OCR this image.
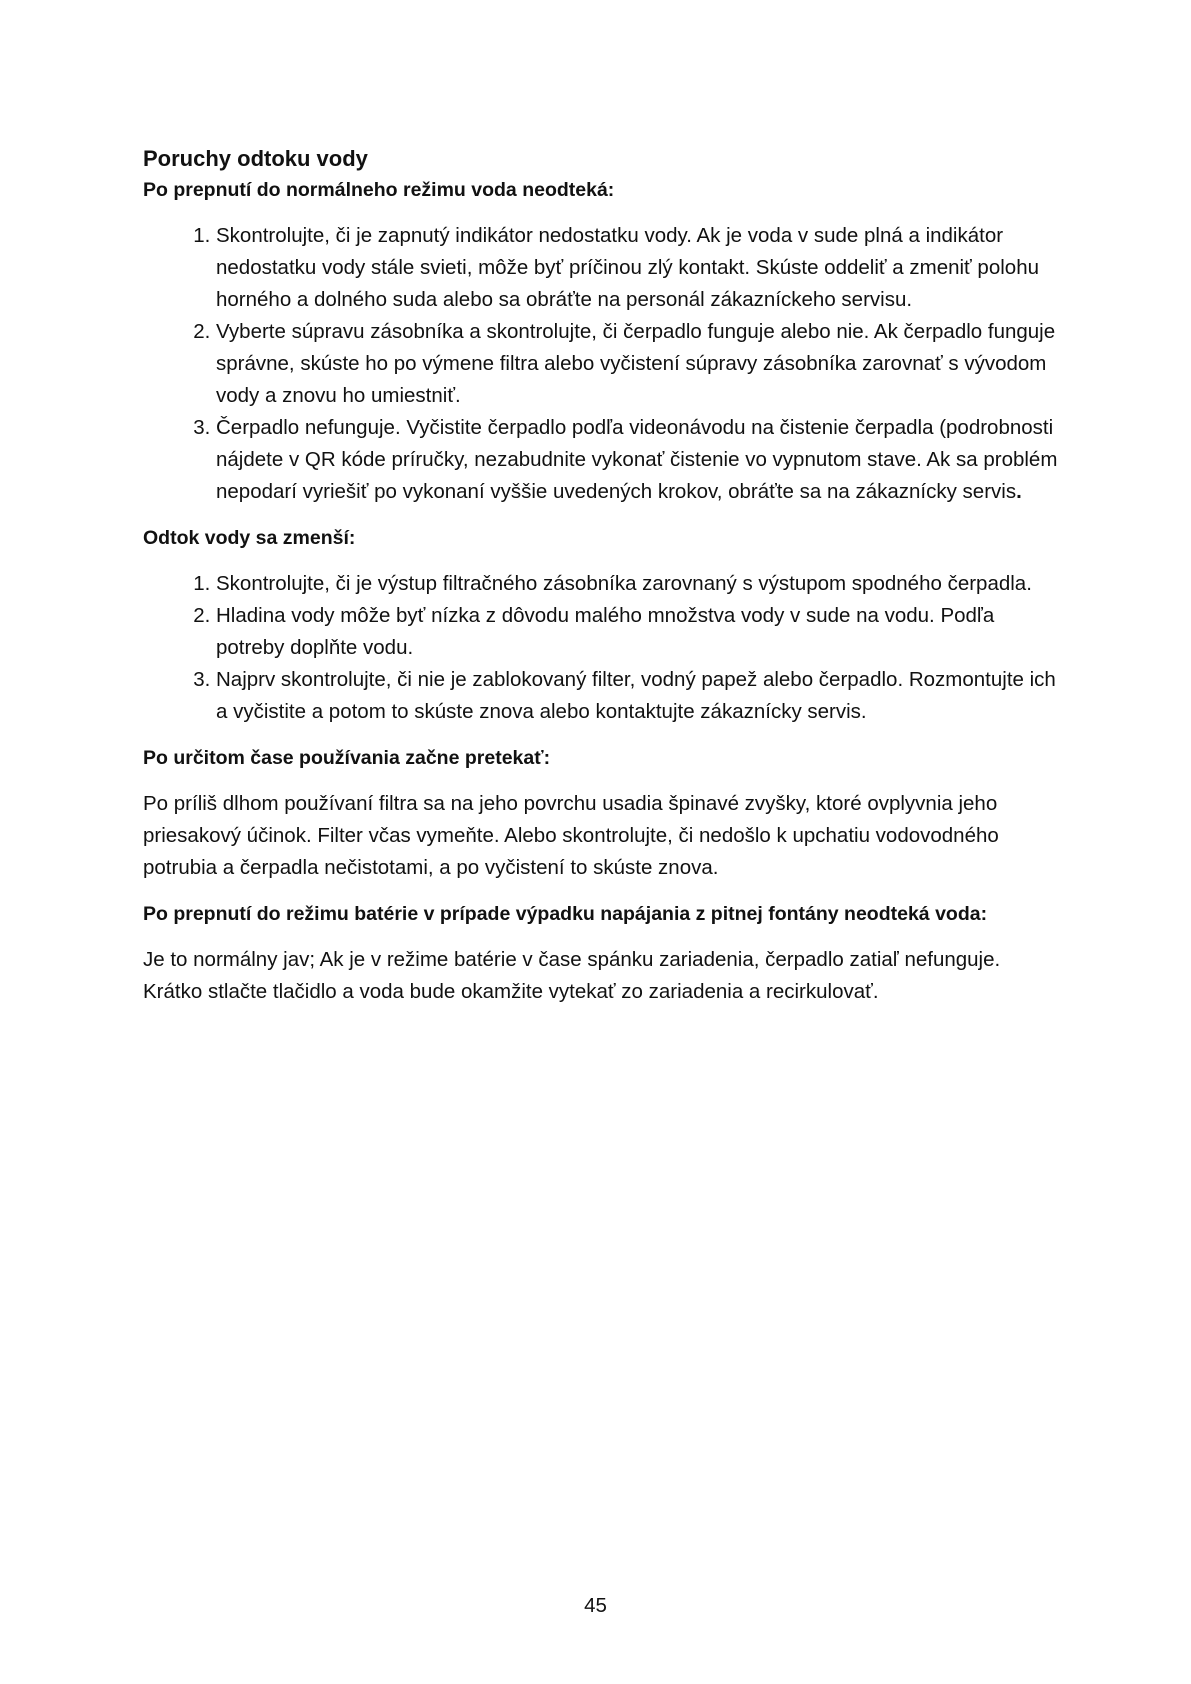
Poruchy odtoku vody
Po prepnutí do normálneho režimu voda neodteká:
1. Skontrolujte, či je zapnutý indikátor nedostatku vody. Ak je voda v sude plná a indikátor nedostatku vody stále svieti, môže byť príčinou zlý kontakt. Skúste oddeliť a zmeniť polohu horného a dolného suda alebo sa obráťte na personál zákazníckeho servisu.
2. Vyberte súpravu zásobníka a skontrolujte, či čerpadlo funguje alebo nie. Ak čerpadlo funguje správne, skúste ho po výmene filtra alebo vyčistení súpravy zásobníka zarovnať s vývodom vody a znovu ho umiestniť.
3. Čerpadlo nefunguje. Vyčistite čerpadlo podľa videonávodu na čistenie čerpadla (podrobnosti nájdete v QR kóde príručky, nezabudnite vykonať čistenie vo vypnutom stave. Ak sa problém nepodarí vyriešiť po vykonaní vyššie uvedených krokov, obráťte sa na zákaznícky servis.
Odtok vody sa zmenší:
1. Skontrolujte, či je výstup filtračného zásobníka zarovnaný s výstupom spodného čerpadla.
2. Hladina vody môže byť nízka z dôvodu malého množstva vody v sude na vodu. Podľa potreby doplňte vodu.
3. Najprv skontrolujte, či nie je zablokovaný filter, vodný papež alebo čerpadlo. Rozmontujte ich a vyčistite a potom to skúste znova alebo kontaktujte zákaznícky servis.
Po určitom čase používania začne pretekať:

Po príliš dlhom používaní filtra sa na jeho povrchu usadia špinavé zvyšky, ktoré ovplyvnia jeho priesakový účinok. Filter včas vymeňte. Alebo skontrolujte, či nedošlo k upchatiu vodovodného potrubia a čerpadla nečistotami, a po vyčistení to skúste znova.

Po prepnutí do režimu batérie v prípade výpadku napájania z pitnej fontány neodteká voda:

Je to normálny jav; Ak je v režime batérie v čase spánku zariadenia, čerpadlo zatiaľ nefunguje. Krátko stlačte tlačidlo a voda bude okamžite vytekať zo zariadenia a recirkulovať.

45
